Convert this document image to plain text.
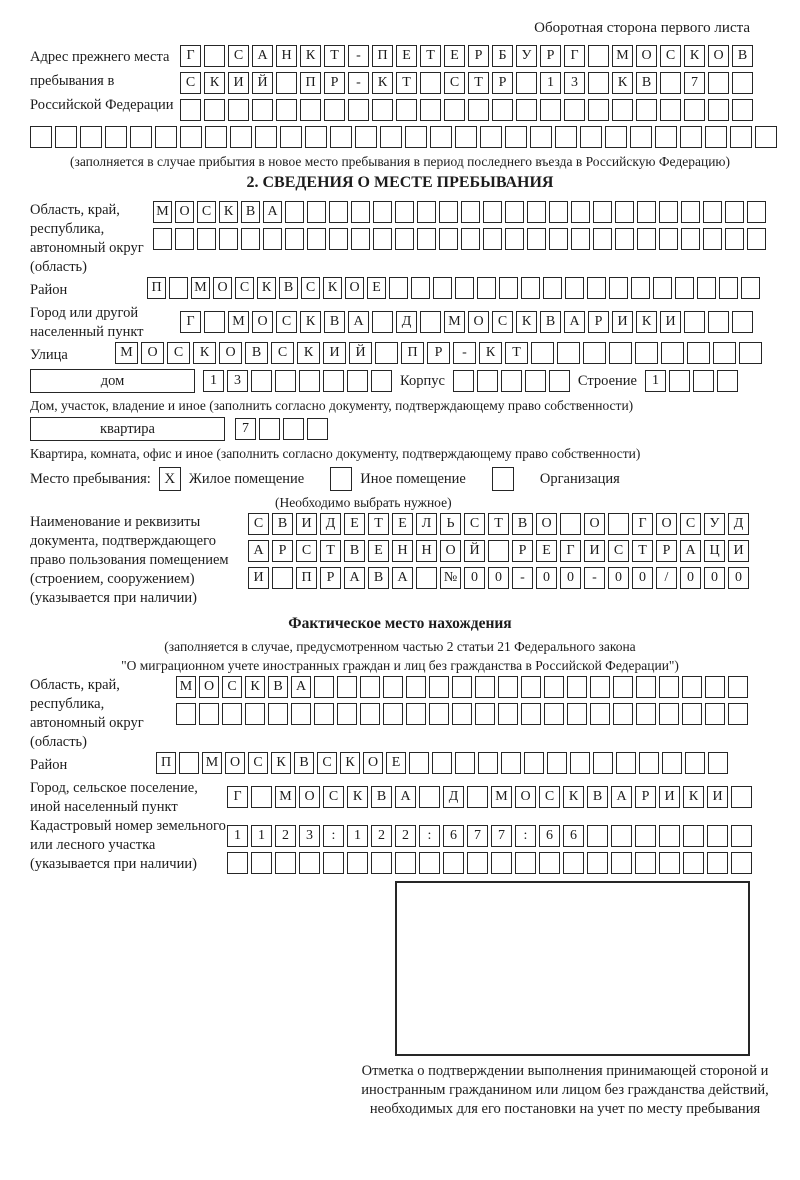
Оборотная сторона первого листа
Адрес прежнего места пребывания в Российской Федерации
Г	С	А Н	К	Т	-	П	Е	Т	Е	Р	Б	У	Р	Г	М О	С	К	О	В
С	К	И Й	П	Р	-	К	Т	С	Т	Р	1	3	К	В	7
(заполняется в случае прибытия в новое место пребывания в период последнего въезда в Российскую Федерацию)
2. СВЕДЕНИЯ О МЕСТЕ ПРЕБЫВАНИЯ
Область, край, республика, автономный округ (область)
М О С К В А
Район	П	М О С К В С К О Е
Город или другой населенный пункт
Г	М О	С	К	В	А	Д	М О	С	К	В	А	Р	И	К	И
Улица	М	О	С	К	О	В	С	К	И	Й	П	Р	-	К	Т
дом	1	3	Корпус	Строение	1
Дом, участок, владение и иное (заполнить согласно документу, подтверждающему право собственности)
квартира	7
Квартира, комната, офис и иное (заполнить согласно документу, подтверждающему право собственности)
Место пребывания: X Жилое помещение	Иное помещение	Организация
(Необходимо выбрать нужное)
Наименование и реквизиты документа, подтверждающего право пользования помещением (строением, сооружением) (указывается при наличии)
С	В	И	Д	Е	Т	Е	Л	Ь	С	Т	В	О	О	Г	О	С	У	Д
А	Р	С	Т	В	Е	Н Н О Й	Р	Е	Г	И	С	Т	Р	А Ц И
И	П	Р	А	В	А	№ 0	0	-	0	0	-	0	0	/	0	0	0
Фактическое место нахождения
(заполняется в случае, предусмотренном частью 2 статьи 21 Федерального закона
"О миграционном учете иностранных граждан и лиц без гражданства в Российской Федерации")
Область, край, республика, автономный округ (область)
М О С К В А
Район	П	М О С К В С К О Е
Город, сельское поселение, иной населенный пункт
Г	М О	С	К	В	А	Д	М О	С	К	В	А	Р	И	К	И
Кадастровый номер земельного или лесного участка (указывается при наличии)
1	1	2	3	:	1	2	2	:	6	7	7	:	6	6
Отметка о подтверждении выполнения принимающей стороной и иностранным гражданином или лицом без гражданства действий, необходимых для его постановки на учет по месту пребывания
